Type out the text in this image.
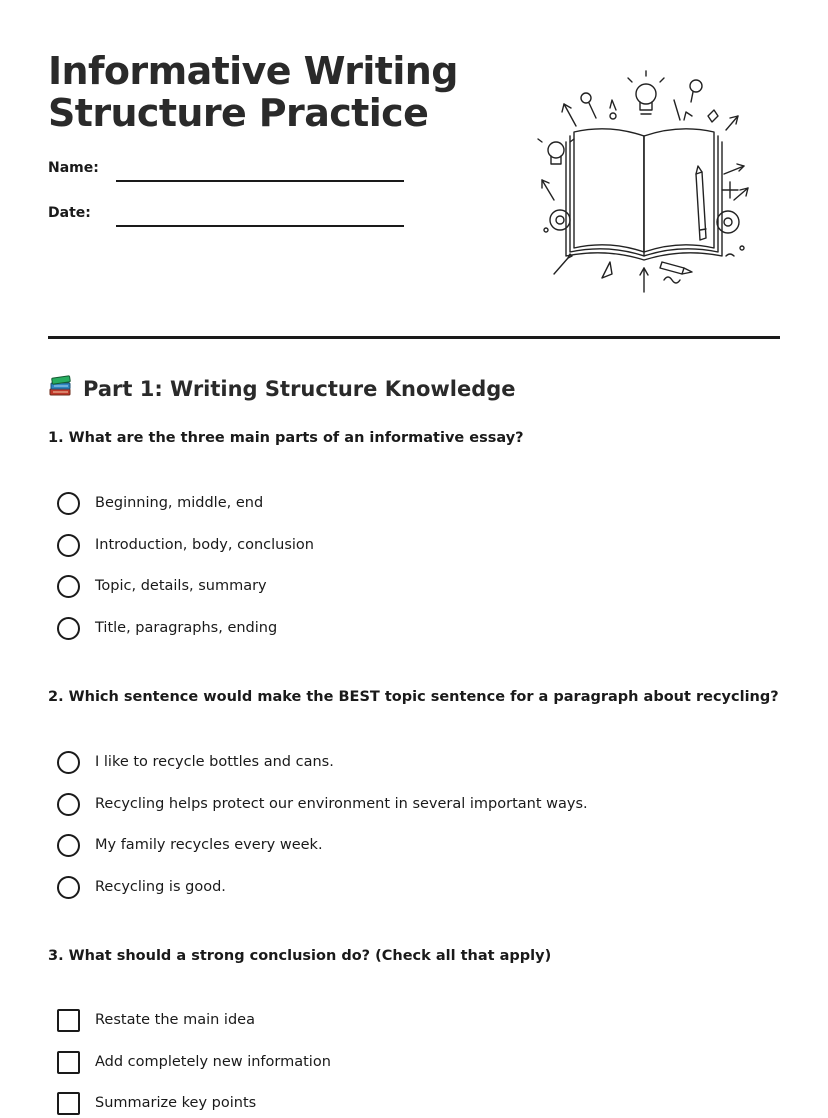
Informative Writing
Structure Practice
Name:
Date:
Part 1: Writing Structure Knowledge
1. What are the three main parts of an informative essay?
Beginning, middle, end
Introduction, body, conclusion
Topic, details, summary
Title, paragraphs, ending
2. Which sentence would make the BEST topic sentence for a paragraph about recycling?
I like to recycle bottles and cans.
Recycling helps protect our environment in several important ways.
My family recycles every week.
Recycling is good.
3. What should a strong conclusion do? (Check all that apply)
Restate the main idea
Add completely new information
Summarize key points
